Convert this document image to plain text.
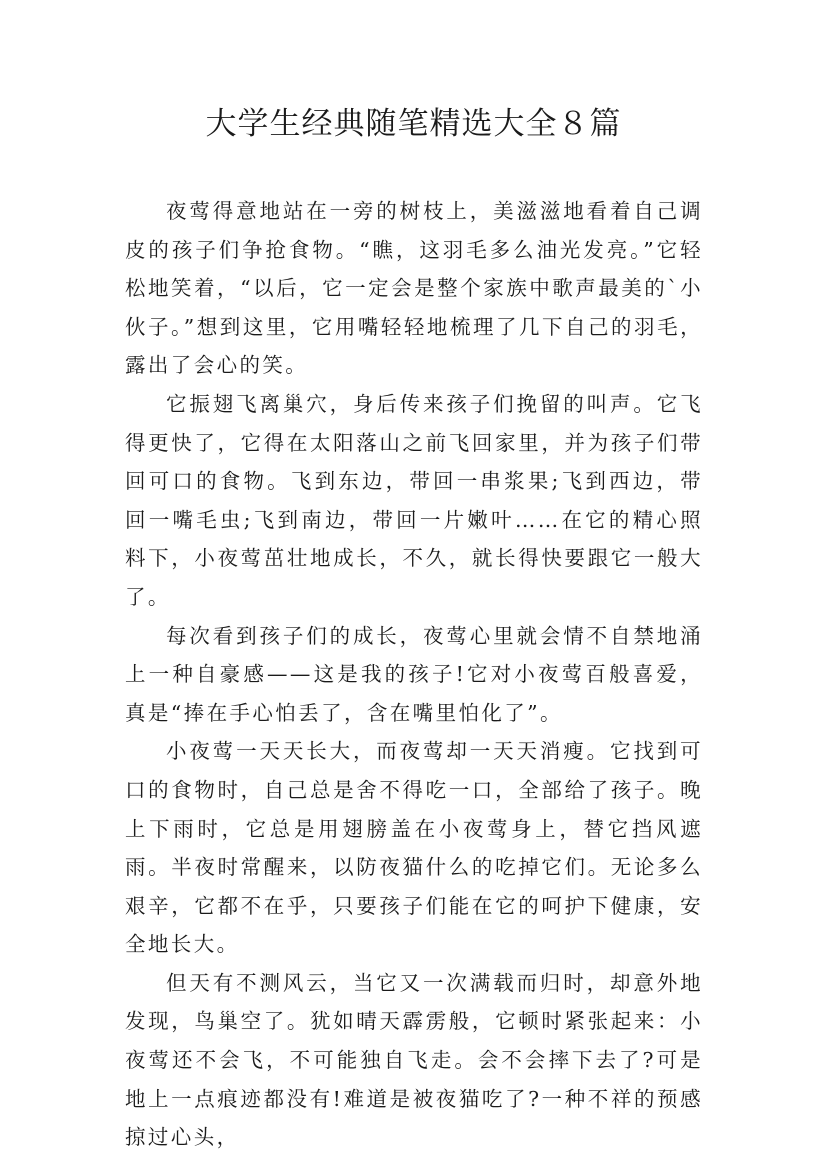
大学生经典随笔精选大全８篇

夜莺得意地站在一旁的树枝上，美滋滋地看着自己调皮的孩子们争抢食物。“瞧，这羽毛多么油光发亮。”它轻松地笑着，“以后，它一定会是整个家族中歌声最美的`小伙子。”想到这里，它用嘴轻轻地梳理了几下自己的羽毛，露出了会心的笑。

它振翅飞离巢穴，身后传来孩子们挽留的叫声。它飞得更快了，它得在太阳落山之前飞回家里，并为孩子们带回可口的食物。飞到东边，带回一串浆果;飞到西边，带回一嘴毛虫;飞到南边，带回一片嫩叶……在它的精心照料下，小夜莺茁壮地成长，不久，就长得快要跟它一般大了。

每次看到孩子们的成长，夜莺心里就会情不自禁地涌上一种自豪感——这是我的孩子!它对小夜莺百般喜爱，真是“捧在手心怕丢了，含在嘴里怕化了”。

小夜莺一天天长大，而夜莺却一天天消瘦。它找到可口的食物时，自己总是舍不得吃一口，全部给了孩子。晚上下雨时，它总是用翅膀盖在小夜莺身上，替它挡风遮雨。半夜时常醒来，以防夜猫什么的吃掉它们。无论多么艰辛，它都不在乎，只要孩子们能在它的呵护下健康，安全地长大。

但天有不测风云，当它又一次满载而归时，却意外地发现，鸟巢空了。犹如晴天霹雳般，它顿时紧张起来：小夜莺还不会飞，不可能独自飞走。会不会摔下去了?可是地上一点痕迹都没有!难道是被夜猫吃了?一种不祥的预感掠过心头，
